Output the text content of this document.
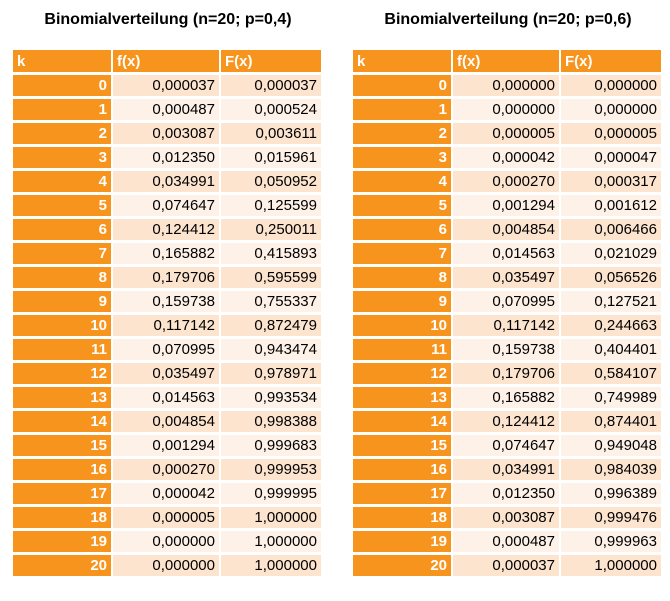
Binomialverteilung (n=20; p=0,4)
k	f(x)	F(x)
0	0,000037	0,000037
1	0,000487	0,000524
2	0,003087	0,003611
3	0,012350	0,015961
4	0,034991	0,050952
5	0,074647	0,125599
6	0,124412	0,250011
7	0,165882	0,415893
8	0,179706	0,595599
9	0,159738	0,755337
10	0,117142	0,872479
11	0,070995	0,943474
12	0,035497	0,978971
13	0,014563	0,993534
14	0,004854	0,998388
15	0,001294	0,999683
16	0,000270	0,999953
17	0,000042	0,999995
18	0,000005	1,000000
19	0,000000	1,000000
20	0,000000	1,000000
Binomialverteilung (n=20; p=0,6)
k	f(x)	F(x)
0	0,000000	0,000000
1	0,000000	0,000000
2	0,000005	0,000005
3	0,000042	0,000047
4	0,000270	0,000317
5	0,001294	0,001612
6	0,004854	0,006466
7	0,014563	0,021029
8	0,035497	0,056526
9	0,070995	0,127521
10	0,117142	0,244663
11	0,159738	0,404401
12	0,179706	0,584107
13	0,165882	0,749989
14	0,124412	0,874401
15	0,074647	0,949048
16	0,034991	0,984039
17	0,012350	0,996389
18	0,003087	0,999476
19	0,000487	0,999963
20	0,000037	1,000000
